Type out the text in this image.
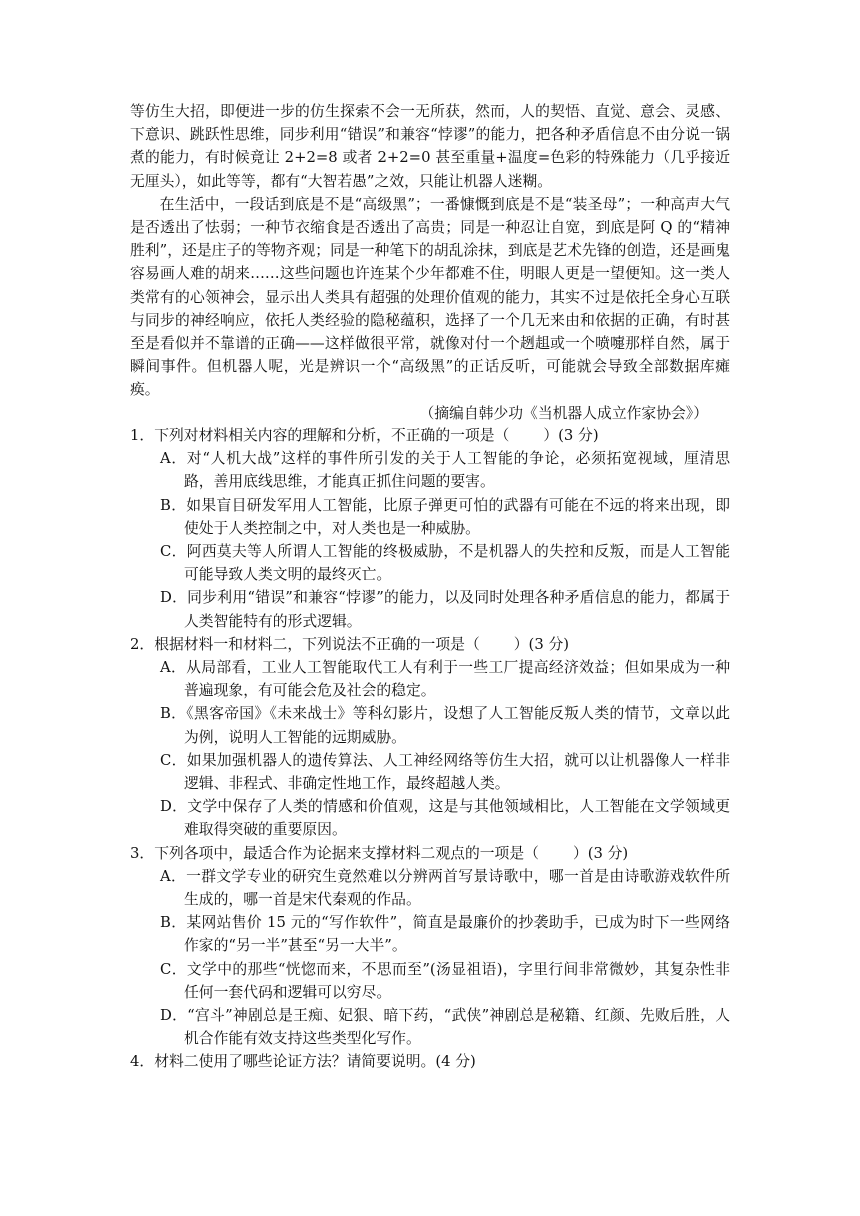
等仿生大招，即便进一步的仿生探索不会一无所获，然而，人的契悟、直觉、意会、灵感、下意识、跳跃性思维，同步利用“错误”和兼容“悖谬”的能力，把各种矛盾信息不由分说一锅煮的能力，有时候竟让 2+2=8 或者 2+2=0 甚至重量+温度=色彩的特殊能力（几乎接近无厘头），如此等等，都有“大智若愚”之效，只能让机器人迷糊。

在生活中，一段话到底是不是“高级黑”；一番慷慨到底是不是“装圣母”；一种高声大气是否透出了怯弱；一种节衣缩食是否透出了高贵；同是一种忍让自宽，到底是阿 Q 的“精神胜利”，还是庄子的等物齐观；同是一种笔下的胡乱涂抹，到底是艺术先锋的创造，还是画鬼容易画人难的胡来……这些问题也许连某个少年都难不住，明眼人更是一望便知。这一类人类常有的心领神会，显示出人类具有超强的处理价值观的能力，其实不过是依托全身心互联与同步的神经响应，依托人类经验的隐秘蕴积，选择了一个几无来由和依据的正确，有时甚至是看似并不靠谱的正确——这样做很平常，就像对付一个趔趄或一个喷嚏那样自然，属于瞬间事件。但机器人呢，光是辨识一个“高级黑”的正话反听，可能就会导致全部数据库瘫痪。

（摘编自韩少功《当机器人成立作家协会》）

1．下列对材料相关内容的理解和分析，不正确的一项是（ ）(3 分)

A．对“人机大战”这样的事件所引发的关于人工智能的争论，必须拓宽视域，厘清思路，善用底线思维，才能真正抓住问题的要害。

B．如果盲目研发军用人工智能，比原子弹更可怕的武器有可能在不远的将来出现，即使处于人类控制之中，对人类也是一种威胁。

C．阿西莫夫等人所谓人工智能的终极威胁，不是机器人的失控和反叛，而是人工智能可能导致人类文明的最终灭亡。

D．同步利用“错误”和兼容“悖谬”的能力，以及同时处理各种矛盾信息的能力，都属于人类智能特有的形式逻辑。

2．根据材料一和材料二，下列说法不正确的一项是（ ）(3 分)

A．从局部看，工业人工智能取代工人有利于一些工厂提高经济效益；但如果成为一种普遍现象，有可能会危及社会的稳定。

B．《黑客帝国》《未来战士》等科幻影片，设想了人工智能反叛人类的情节，文章以此为例，说明人工智能的远期威胁。

C．如果加强机器人的遗传算法、人工神经网络等仿生大招，就可以让机器像人一样非逻辑、非程式、非确定性地工作，最终超越人类。

D．文学中保存了人类的情感和价值观，这是与其他领域相比，人工智能在文学领域更难取得突破的重要原因。

3．下列各项中，最适合作为论据来支撑材料二观点的一项是（ ）(3 分)

A．一群文学专业的研究生竟然难以分辨两首写景诗歌中，哪一首是由诗歌游戏软件所生成的，哪一首是宋代秦观的作品。

B．某网站售价 15 元的“写作软件”，简直是最廉价的抄袭助手，已成为时下一些网络作家的“另一半”甚至“另一大半”。

C．文学中的那些“恍惚而来，不思而至”(汤显祖语)，字里行间非常微妙，其复杂性非任何一套代码和逻辑可以穷尽。

D．“宫斗”神剧总是王痴、妃狠、暗下药，“武侠”神剧总是秘籍、红颜、先败后胜，人机合作能有效支持这些类型化写作。

4．材料二使用了哪些论证方法？请简要说明。(4 分)
